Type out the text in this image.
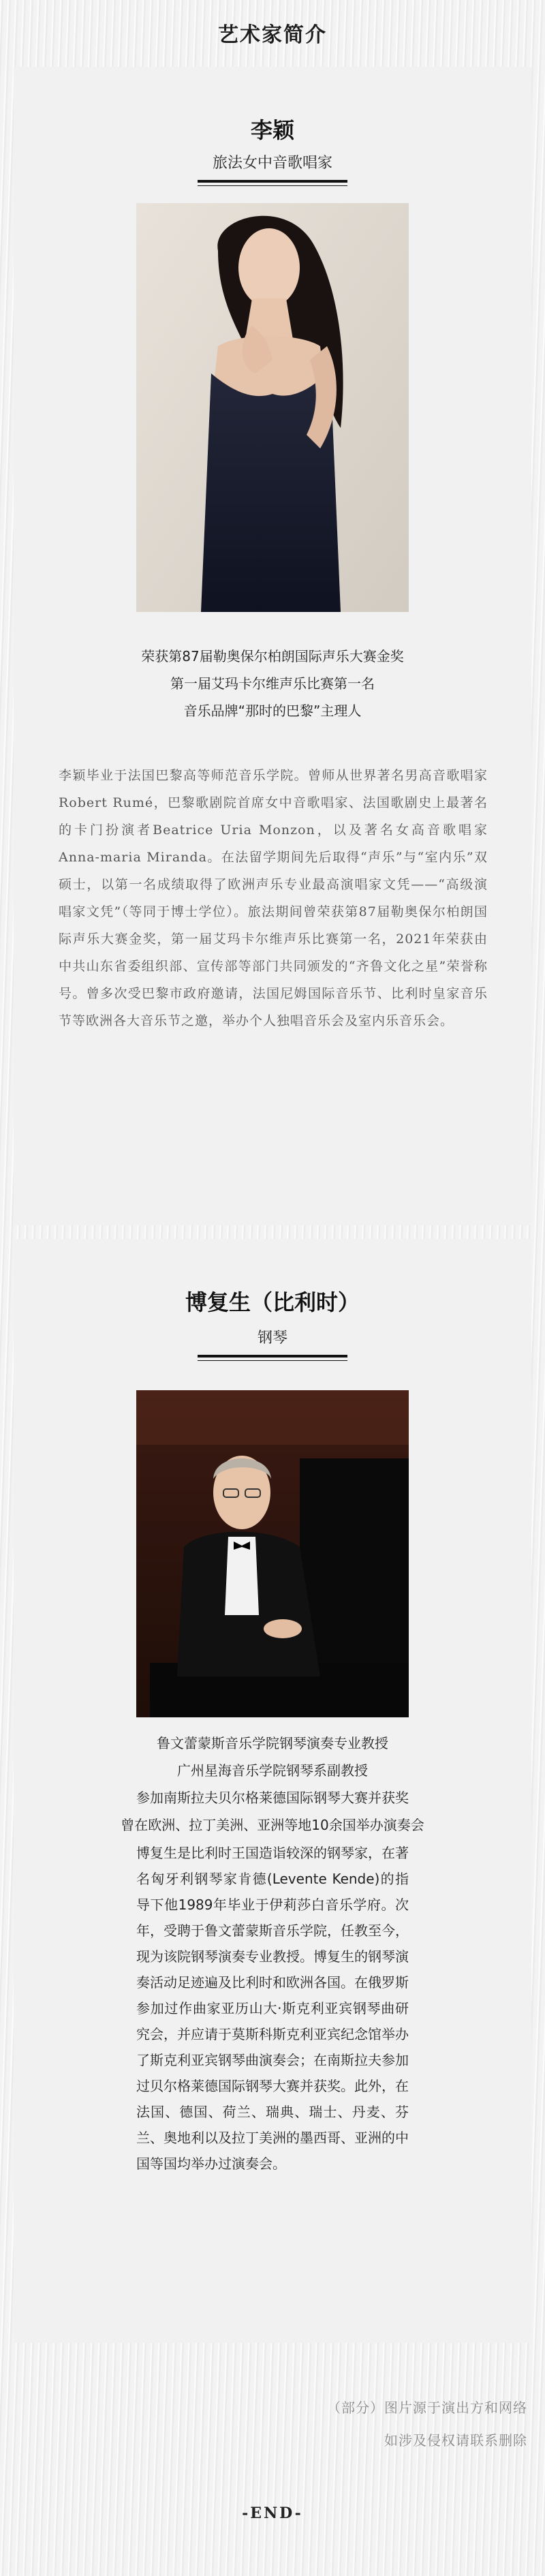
艺术家简介
李颖
旅法女中音歌唱家
荣获第87届勒奥保尔柏朗国际声乐大赛金奖
第一届艾玛卡尔维声乐比赛第一名
音乐品牌“那时的巴黎”主理人

李颖毕业于法国巴黎高等师范音乐学院。曾师从世界著名男高音歌唱家Robert Rumé，巴黎歌剧院首席女中音歌唱家、法国歌剧史上最著名的卡门扮演者Beatrice Uria Monzon，以及著名女高音歌唱家Anna-maria Miranda。在法留学期间先后取得“声乐”与“室内乐”双硕士，以第一名成绩取得了欧洲声乐专业最高演唱家文凭——“高级演唱家文凭”（等同于博士学位）。旅法期间曾荣获第87届勒奥保尔柏朗国际声乐大赛金奖，第一届艾玛卡尔维声乐比赛第一名，2021年荣获由中共山东省委组织部、宣传部等部门共同颁发的“齐鲁文化之星”荣誉称号。曾多次受巴黎市政府邀请，法国尼姆国际音乐节、比利时皇家音乐节等欧洲各大音乐节之邀，举办个人独唱音乐会及室内乐音乐会。

博复生（比利时）
钢琴
鲁文蕾蒙斯音乐学院钢琴演奏专业教授
广州星海音乐学院钢琴系副教授
参加南斯拉夫贝尔格莱德国际钢琴大赛并获奖
曾在欧洲、拉丁美洲、亚洲等地10余国举办演奏会

博复生是比利时王国造诣较深的钢琴家，在著名匈牙利钢琴家肯德(Levente Kende)的指导下他1989年毕业于伊莉莎白音乐学府。次年，受聘于鲁文蕾蒙斯音乐学院，任教至今，现为该院钢琴演奏专业教授。博复生的钢琴演奏活动足迹遍及比利时和欧洲各国。在俄罗斯参加过作曲家亚历山大·斯克利亚宾钢琴曲研究会，并应请于莫斯科斯克利亚宾纪念馆举办了斯克利亚宾钢琴曲演奏会；在南斯拉夫参加过贝尔格莱德国际钢琴大赛并获奖。此外，在法国、德国、荷兰、瑞典、瑞士、丹麦、芬兰、奥地利以及拉丁美洲的墨西哥、亚洲的中国等国均举办过演奏会。

（部分）图片源于演出方和网络
如涉及侵权请联系删除
-END-
